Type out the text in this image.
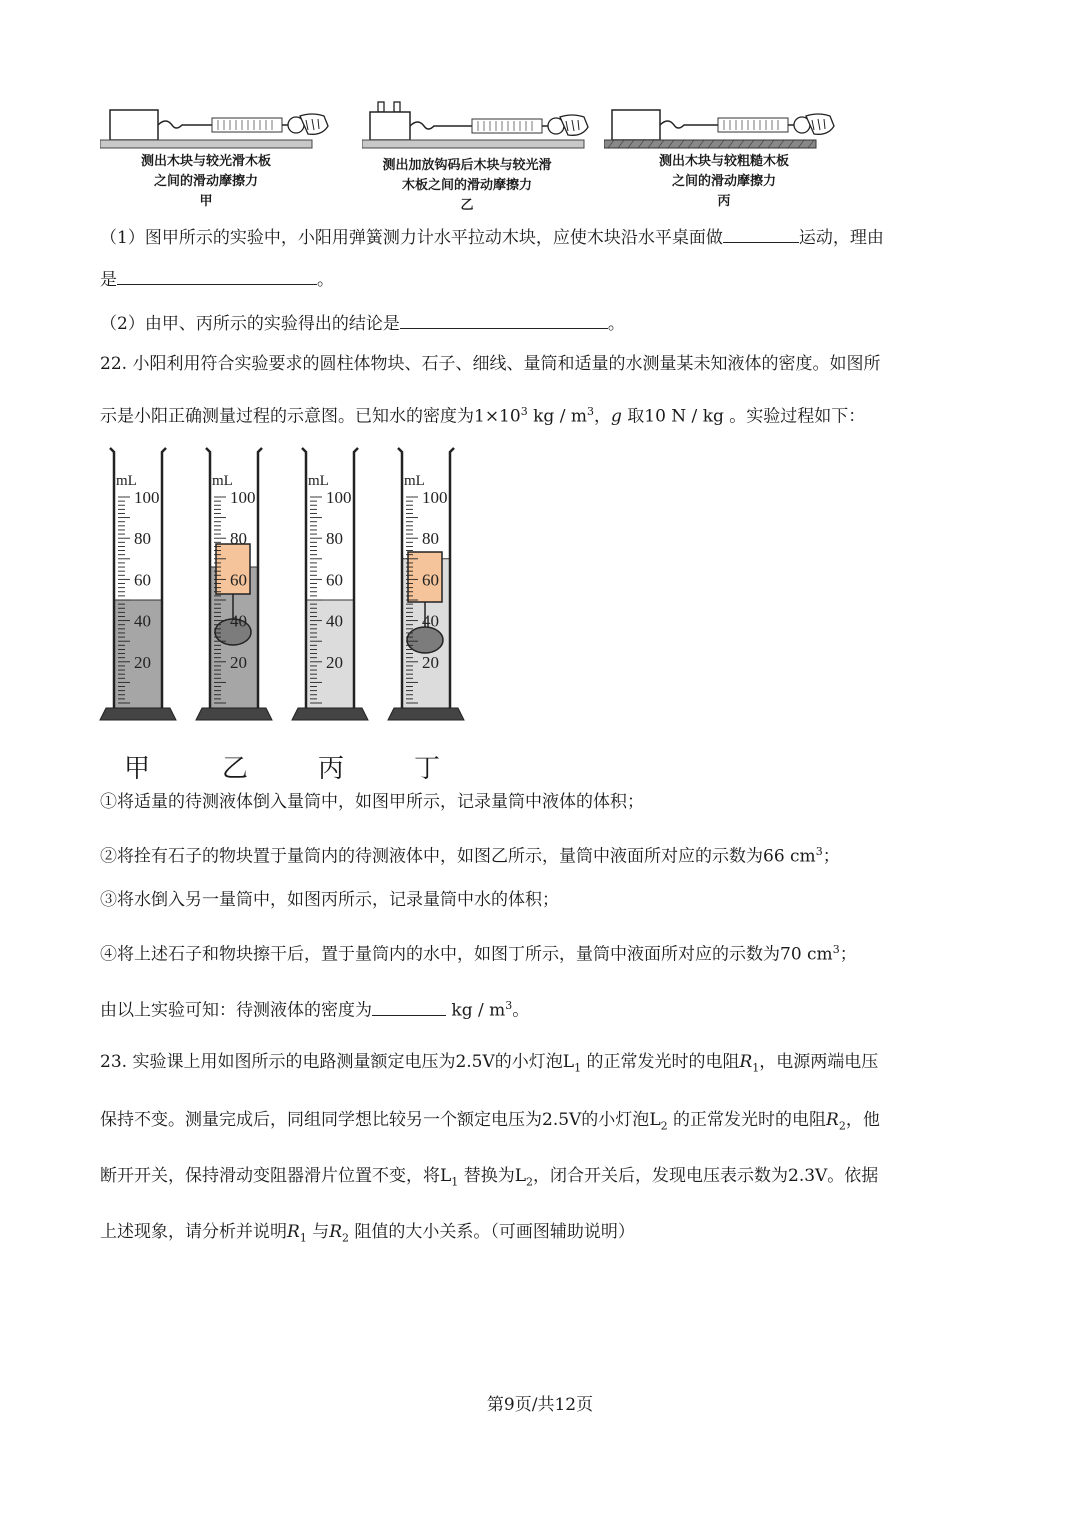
测出木块与较光滑木板
之间的滑动摩擦力
甲
测出加放钩码后木块与较光滑
木板之间的滑动摩擦力
乙
测出木块与较粗糙木板
之间的滑动摩擦力
丙
（1）图甲所示的实验中，小阳用弹簧测力计水平拉动木块，应使木块沿水平桌面做	运动，理由
是	。
（2）由甲、丙所示的实验得出的结论是	。
22. 小阳利用符合实验要求的圆柱体物块、石子、细线、量筒和适量的水测量某未知液体的密度。如图所
示是小阳正确测量过程的示意图。已知水的密度为$1\times 10^3$ kg / $m^3$，g 取10 N / kg 。实验过程如下：
mL
100
80
60
40
20
mL
100
80
60
40
20
mL
100
80
60
40
20
mL
100
80
60
40
20
甲	乙	丙	丁
①将适量的待测液体倒入量筒中，如图甲所示，记录量筒中液体的体积；
②将拴有石子的物块置于量筒内的待测液体中，如图乙所示，量筒中液面所对应的示数为66 $cm^3$；
③将水倒入另一量筒中，如图丙所示，记录量筒中水的体积；
④将上述石子和物块擦干后，置于量筒内的水中，如图丁所示，量筒中液面所对应的示数为70 $cm^3$；
由以上实验可知：待测液体的密度为	kg / $m^3$。
23. 实验课上用如图所示的电路测量额定电压为2.5V的小灯泡$L_1$ 的正常发光时的电阻$R_1$，电源两端电压
保持不变。测量完成后，同组同学想比较另一个额定电压为2.5V的小灯泡$L_2$ 的正常发光时的电阻$R_2$，他
断开开关，保持滑动变阻器滑片位置不变，将$L_1$ 替换为$L_2$，闭合开关后，发现电压表示数为2.3V。依据
上述现象，请分析并说明$R_1$ 与$R_2$ 阻值的大小关系。（可画图辅助说明）
第9页/共12页
